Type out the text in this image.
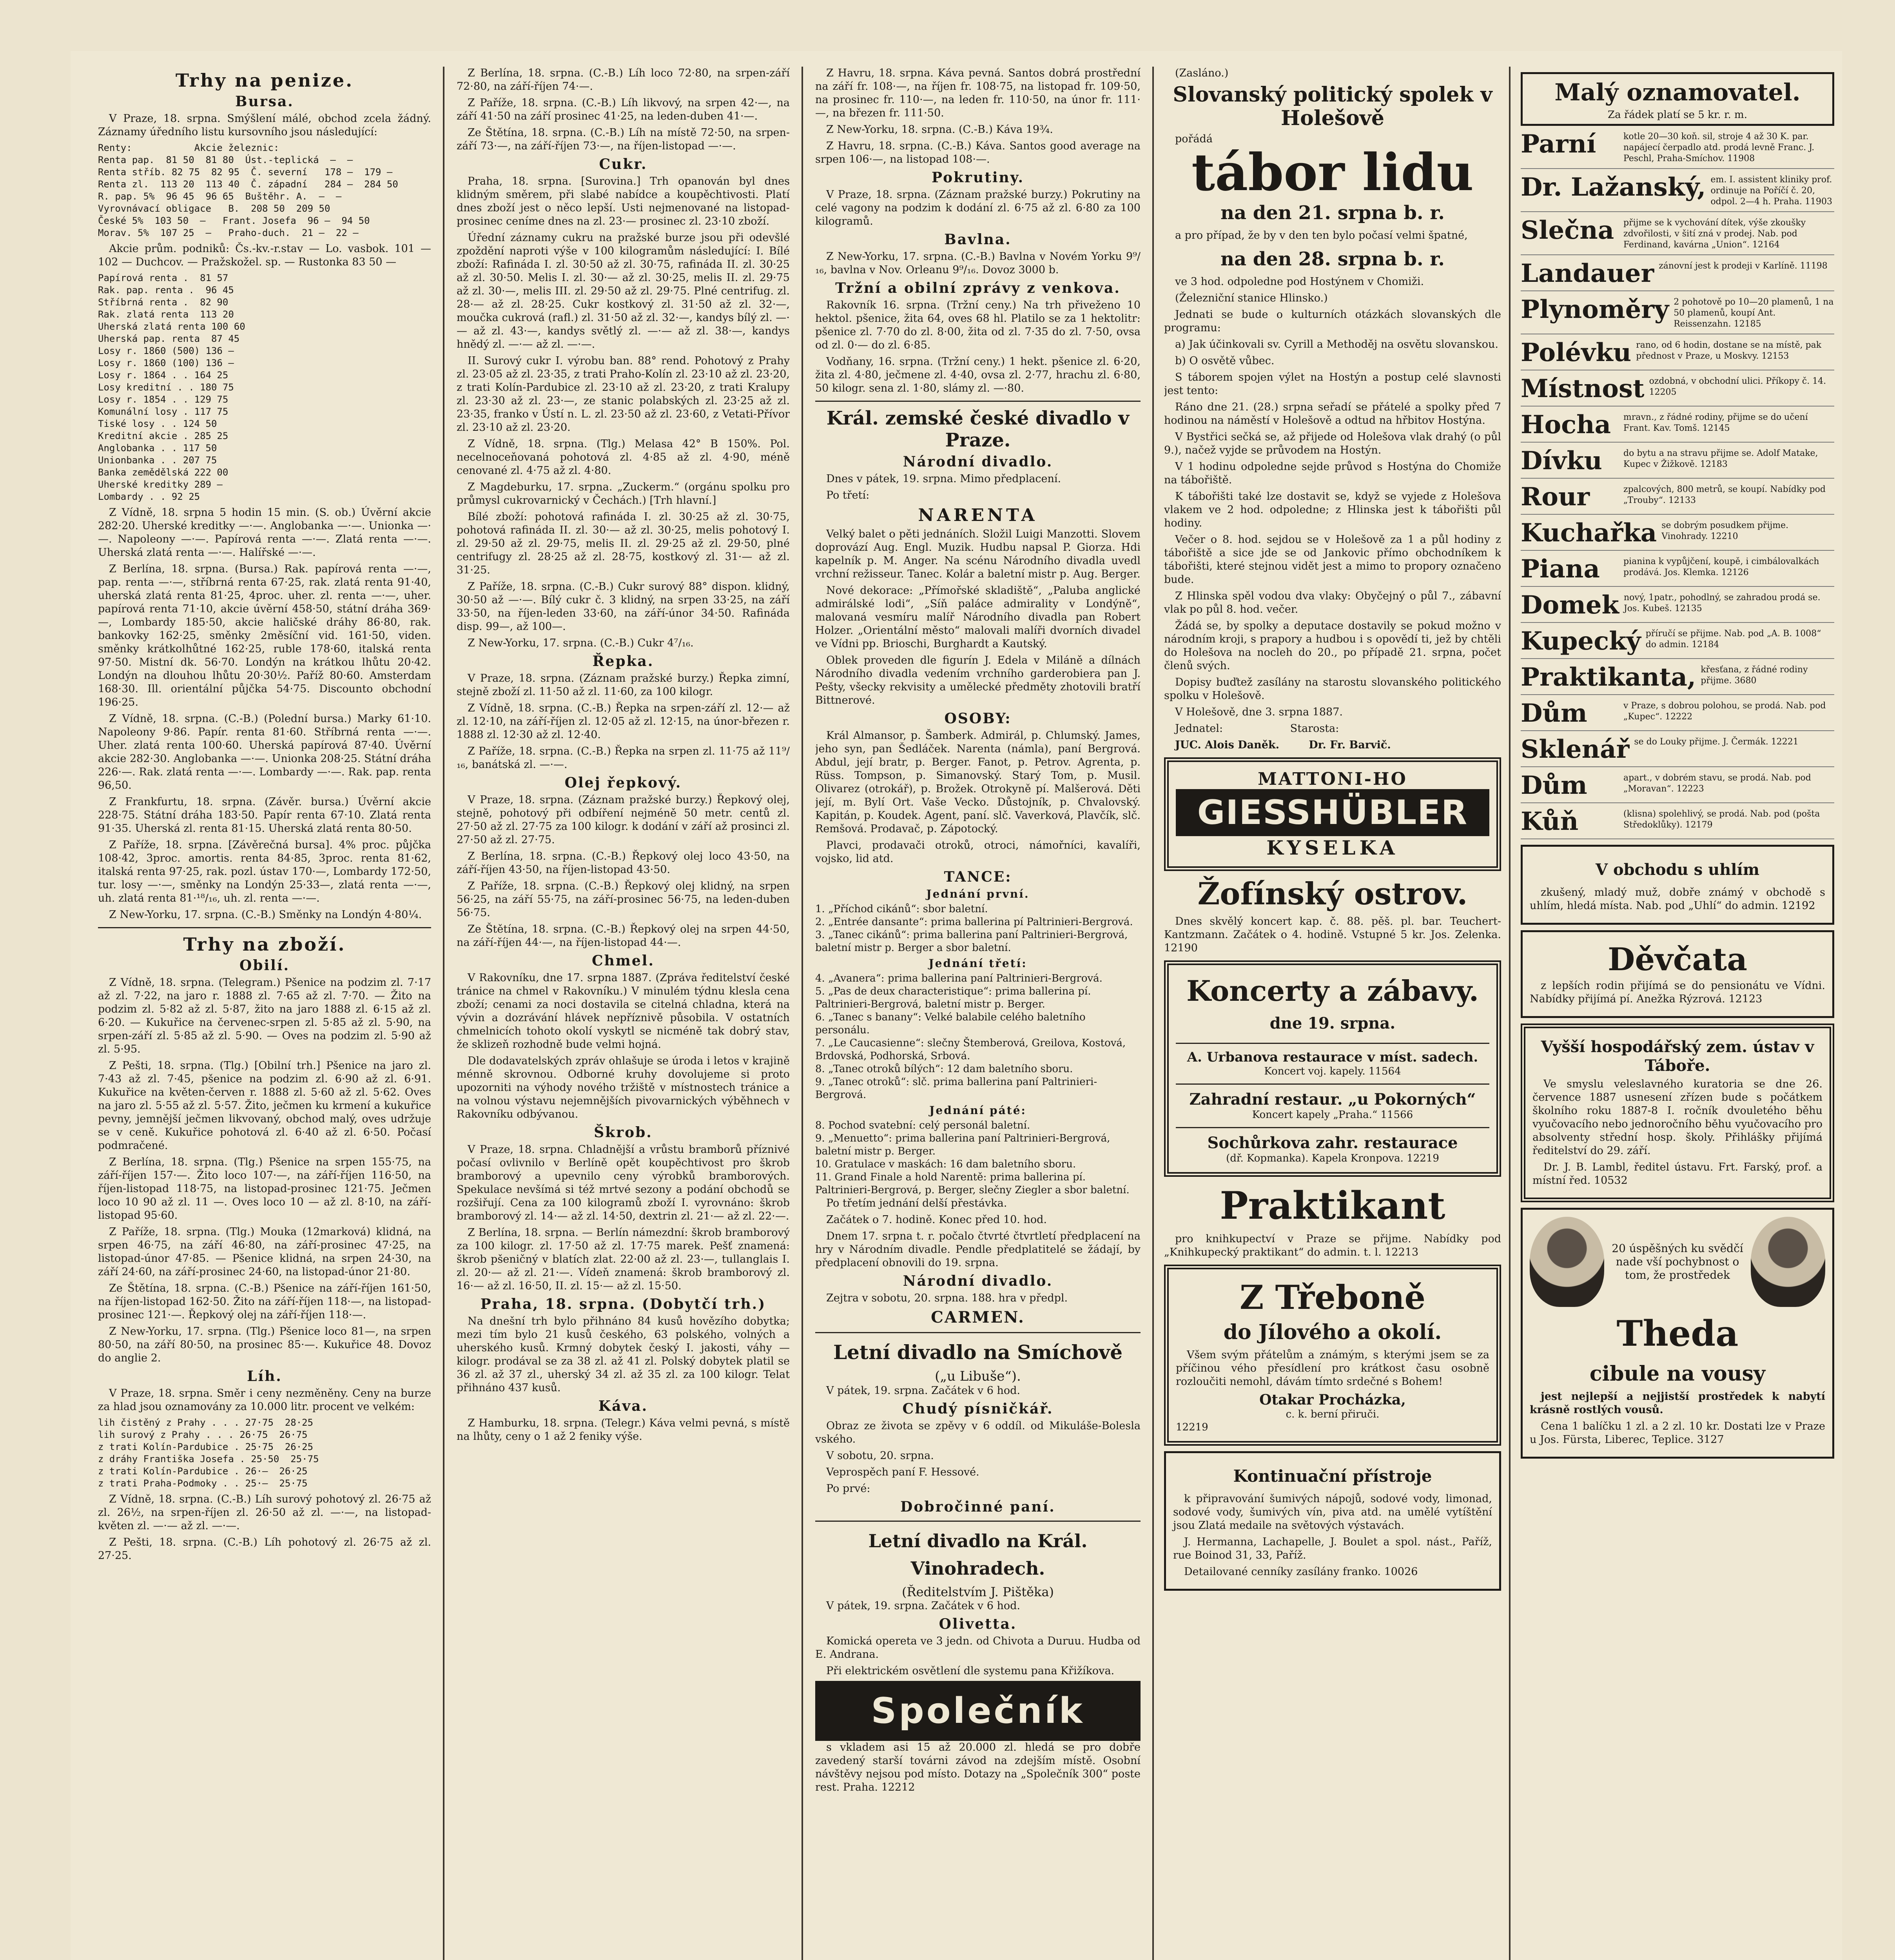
Trhy na penize.
Bursa.

V Praze, 18. srpna. Smýšlení málé, obchod zcela žádný. Záznamy úředního listu kursovního jsou následující:

Renty:           Akcie železnic:
Renta pap.  81 50  81 80  Úst.-teplická  —  —
Renta stříb. 82 75  82 95  Č. severní   178 —  179 —
Renta zl.  113 20  113 40  Č. západní   284 —  284 50
R. pap. 5%  96 45  96 65  Buštěhr. A.  —  —
Vyrovnávací obligace   B.  208 50  209 50
České 5%  103 50  —   Frant. Josefa  96 —  94 50
Morav. 5%  107 25  —   Praho-duch.  21 —  22 —

Akcie prům. podniků: Čs.-kv.-r.stav — Lo. vasbok. 101 — 102 — Duchcov. — Pražskožel. sp. — Rustonka 83 50 —

Papírová renta .  81 57
Rak. pap. renta .  96 45
Stříbrná renta .  82 90
Rak. zlatá renta  113 20
Uherská zlatá renta 100 60
Uherská pap. renta  87 45
Losy r. 1860 (500) 136 —
Losy r. 1860 (100) 136 —
Losy r. 1864 . . 164 25
Losy kreditní . . 180 75
Losy r. 1854 . . 129 75
Komunální losy . 117 75
Tiské losy . . 124 50
Kreditní akcie . 285 25
Anglobanka . . 117 50
Unionbanka . . 207 75
Banka zemědělská 222 00
Uherské kreditky 289 —
Lombardy . . 92 25

Z Vídně, 18. srpna 5 hodin 15 min. (S. ob.) Úvěrní akcie 282·20. Uherské kreditky —·—. Anglobanka —·—. Unionka —·—. Napoleony —·—. Papírová renta —·—. Zlatá renta —·—. Uherská zlatá renta —·—. Halířské —·—.

Z Berlína, 18. srpna. (Bursa.) Rak. papírová renta —·—, pap. renta —·—, stříbrná renta 67·25, rak. zlatá renta 91·40, uherská zlatá renta 81·25, 4proc. uher. zl. renta —·—, uher. papírová renta 71·10, akcie úvěrní 458·50, státní dráha 369·—, Lombardy 185·50, akcie haličské dráhy 86·80, rak. bankovky 162·25, směnky 2měsíční vid. 161·50, viden. směnky krátkolhůtné 162·25, ruble 178·60, italská renta 97·50. Mistní dk. 56·70. Londýn na krátkou lhůtu 20·42. Londýn na dlouhou lhůtu 20·30½. Paříž 80·60. Amsterdam 168·30. Ill. orientální půjčka 54·75. Discounto obchodní 196·25.

Z Vídně, 18. srpna. (C.-B.) (Polední bursa.) Marky 61·10. Napoleony 9·86. Papír. renta 81·60. Stříbrná renta —·—. Uher. zlatá renta 100·60. Uherská papírová 87·40. Úvěrní akcie 282·30. Anglobanka —·—. Unionka 208·25. Státní dráha 226·—. Rak. zlatá renta —·—. Lombardy —·—. Rak. pap. renta 96,50.

Z Frankfurtu, 18. srpna. (Závěr. bursa.) Úvěrní akcie 228·75. Státní dráha 183·50. Papír renta 67·10. Zlatá renta 91·35. Uherská zl. renta 81·15. Uherská zlatá renta 80·50.

Z Paříže, 18. srpna. [Závěrečná bursa]. 4% proc. půjčka 108·42, 3proc. amortis. renta 84·85, 3proc. renta 81·62, italská renta 97·25, rak. pozl. ústav 170·—, Lombardy 172·50, tur. losy —·—, směnky na Londýn 25·33—, zlatá renta —·—, uh. zlatá renta 81·¹⁸/₁₆, uh. zl. renta —·—.

Z New-Yorku, 17. srpna. (C.-B.) Směnky na Londýn 4·80¼.

Trhy na zboží.
Obilí.

Z Vídně, 18. srpna. (Telegram.) Pšenice na podzim zl. 7·17 až zl. 7·22, na jaro r. 1888 zl. 7·65 až zl. 7·70. — Žito na podzim zl. 5·82 až zl. 5·87, žito na jaro 1888 zl. 6·15 až zl. 6·20. — Kukuřice na červenec-srpen zl. 5·85 až zl. 5·90, na srpen-září zl. 5·85 až zl. 5·90. — Oves na podzim zl. 5·90 až zl. 5·95.

Z Pešti, 18. srpna. (Tlg.) [Obilní trh.] Pšenice na jaro zl. 7·43 až zl. 7·45, pšenice na podzim zl. 6·90 až zl. 6·91. Kukuřice na květen-červen r. 1888 zl. 5·60 až zl. 5·62. Oves na jaro zl. 5·55 až zl. 5·57. Žito, ječmen ku krmení a kukuřice pevny, jemnější ječmen likvovaný, obchod malý, oves udržuje se v ceně. Kukuřice pohotová zl. 6·40 až zl. 6·50. Počasí podmračené.

Z Berlína, 18. srpna. (Tlg.) Pšenice na srpen 155·75, na září-říjen 157·—. Žito loco 107·—, na září-říjen 116·50, na říjen-listopad 118·75, na listopad-prosinec 121·75. Ječmen loco 10 90 až zl. 11 —. Oves loco 10 — až zl. 8·10, na září-listopad 95·60.

Z Paříže, 18. srpna. (Tlg.) Mouka (12marková) klidná, na srpen 46·75, na září 46·80, na září-prosinec 47·25, na listopad-únor 47·85. — Pšenice klidná, na srpen 24·30, na září 24·60, na září-prosinec 24·60, na listopad-únor 21·80.

Ze Štětína, 18. srpna. (C.-B.) Pšenice na září-říjen 161·50, na říjen-listopad 162·50. Žito na září-říjen 118·—, na listopad-prosinec 121·—. Řepkový olej na září-říjen 118·—.

Z New-Yorku, 17. srpna. (Tlg.) Pšenice loco 81—, na srpen 80·50, na září 80·50, na prosinec 85·—. Kukuřice 48. Dovoz do anglie 2.

Líh.

V Praze, 18. srpna. Směr i ceny nezměněny. Ceny na burze za hlad jsou oznamovány za 10.000 litr. procent ve velkém:

lih čistěný z Prahy . . . 27·75  28·25
lih surový z Prahy . . . 26·75  26·75
z trati Kolín-Pardubice . 25·75  26·25
z dráhy Františka Josefa . 25·50  25·75
z trati Kolín-Pardubice . 26·—  26·25
z trati Praha-Podmoky . . 25·—  25·75

Z Vídně, 18. srpna. (C.-B.) Líh surový pohotový zl. 26·75 až zl. 26½, na srpen-říjen zl. 26·50 až zl. —·—, na listopad-květen zl. —·— až zl. —·—.

Z Pešti, 18. srpna. (C.-B.) Líh pohotový zl. 26·75 až zl. 27·25.

Z Berlína, 18. srpna. (C.-B.) Líh loco 72·80, na srpen-září 72·80, na září-říjen 74·—.

Z Paříže, 18. srpna. (C.-B.) Líh likvový, na srpen 42·—, na září 41·50 na září prosinec 41·25, na leden-duben 41·—.

Ze Štětína, 18. srpna. (C.-B.) Líh na místě 72·50, na srpen-září 73·—, na září-říjen 73·—, na říjen-listopad —·—.

Cukr.

Praha, 18. srpna. [Surovina.] Trh opanován byl dnes klidným směrem, při slabé nabídce a koupěchtivosti. Platí dnes zboží jest o něco lepší. Usti nejmenované na listopad-prosinec ceníme dnes na zl. 23·— prosinec zl. 23·10 zboží.

Úřední záznamy cukru na pražské burze jsou při odevšlé zpoždění naproti výše v 100 kilogramům následující: I. Bílé zboží: Rafináda I. zl. 30·50 až zl. 30·75, rafináda II. zl. 30·25 až zl. 30·50. Melis I. zl. 30·— až zl. 30·25, melis II. zl. 29·75 až zl. 30·—, melis III. zl. 29·50 až zl. 29·75. Plné centrifug. zl. 28·— až zl. 28·25. Cukr kostkový zl. 31·50 až zl. 32·—, moučka cukrová (rafl.) zl. 31·50 až zl. 32·—, kandys bílý zl. —·— až zl. 43·—, kandys světlý zl. —·— až zl. 38·—, kandys hnědý zl. —·— až zl. —·—.

II. Surový cukr I. výrobu ban. 88° rend. Pohotový z Prahy zl. 23·05 až zl. 23·35, z trati Praho-Kolín zl. 23·10 až zl. 23·20, z trati Kolín-Pardubice zl. 23·10 až zl. 23·20, z trati Kralupy zl. 23·30 až zl. 23·—, ze stanic polabských zl. 23·25 až zl. 23·35, franko v Ústí n. L. zl. 23·50 až zl. 23·60, z Vetati-Přívor zl. 23·10 až zl. 23·20.

Z Vídně, 18. srpna. (Tlg.) Melasa 42° B 150%. Pol. necelnoceňovaná pohotová zl. 4·85 až zl. 4·90, méně cenované zl. 4·75 až zl. 4·80.

Z Magdeburku, 17. srpna. „Zuckerm.“ (orgánu spolku pro průmysl cukrovarnický v Čechách.) [Trh hlavní.]

Bílé zboží: pohotová rafináda I. zl. 30·25 až zl. 30·75, pohotová rafináda II. zl. 30·— až zl. 30·25, melis pohotový I. zl. 29·50 až zl. 29·75, melis II. zl. 29·25 až zl. 29·50, plné centrifugy zl. 28·25 až zl. 28·75, kostkový zl. 31·— až zl. 31·25.

Z Paříže, 18. srpna. (C.-B.) Cukr surový 88° dispon. klidný, 30·50 až —·—. Bílý cukr č. 3 klidný, na srpen 33·25, na září 33·50, na říjen-leden 33·60, na září-únor 34·50. Rafináda disp. 99—, až 100—.

Z New-Yorku, 17. srpna. (C.-B.) Cukr 4⁷/₁₆.

Řepka.

V Praze, 18. srpna. (Záznam pražské burzy.) Řepka zimní, stejně zboží zl. 11·50 až zl. 11·60, za 100 kilogr.

Z Vídně, 18. srpna. (C.-B.) Řepka na srpen-září zl. 12·— až zl. 12·10, na září-říjen zl. 12·05 až zl. 12·15, na únor-březen r. 1888 zl. 12·30 až zl. 12·40.

Z Paříže, 18. srpna. (C.-B.) Řepka na srpen zl. 11·75 až 11⁹/₁₆, banátská zl. —·—.

Olej řepkový.

V Praze, 18. srpna. (Záznam pražské burzy.) Řepkový olej, stejně, pohotový při odbíření nejméně 50 metr. centů zl. 27·50 až zl. 27·75 za 100 kilogr. k dodání v září až prosinci zl. 27·50 až zl. 27·75.

Z Berlína, 18. srpna. (C.-B.) Řepkový olej loco 43·50, na září-říjen 43·50, na říjen-listopad 43·50.

Z Paříže, 18. srpna. (C.-B.) Řepkový olej klidný, na srpen 56·25, na září 55·75, na září-prosinec 56·75, na leden-duben 56·75.

Ze Štětína, 18. srpna. (C.-B.) Řepkový olej na srpen 44·50, na září-říjen 44·—, na říjen-listopad 44·—.

Chmel.

V Rakovníku, dne 17. srpna 1887. (Zpráva ředitelství české tránice na chmel v Rakovníku.) V minulém týdnu klesla cena zboží; cenami za noci dostavila se citelná chladna, která na vývin a dozrávání hlávek nepříznivě působila. V ostatních chmelnicích tohoto okolí vyskytl se nicméně tak dobrý stav, že sklizeň rozhodně bude velmi hojná.

Dle dodavatelských zpráv ohlašuje se úroda i letos v krajině ménně skrovnou. Odborné kruhy dovolujeme si proto upozorniti na výhody nového tržiště v místnostech tránice a na volnou výstavu nejemnějších pivovarnických výběhnech v Rakovníku odbývanou.

Škrob.

V Praze, 18. srpna. Chladnější a vrůstu bramborů příznivé počasí ovlivnilo v Berlíně opět koupěchtivost pro škrob bramborový a upevnilo ceny výrobků bramborových. Spekulace nevšímá si též mrtvé sezony a podání obchodů se rozšiřují. Cena za 100 kilogramů zboží I. vyrovnáno: škrob bramborový zl. 14·— až zl. 14·50, dextrin zl. 21·— až zl. 22·—.

Z Berlína, 18. srpna. — Berlín námezdní: škrob bramborový za 100 kilogr. zl. 17·50 až zl. 17·75 marek. Pešť znamená: škrob pšeničný v blatích zlat. 22·00 až zl. 23·—, tullanglais I. zl. 20·— až zl. 21·—. Vídeň znamená: škrob bramborový zl. 16·— až zl. 16·50, II. zl. 15·— až zl. 15·50.

Praha, 18. srpna. (Dobytčí trh.)

Na dnešní trh bylo přihnáno 84 kusů hovězího dobytka; mezi tím bylo 21 kusů českého, 63 polského, volných a uherského kusů. Krmný dobytek český I. jakosti, váhy — kilogr. prodával se za 38 zl. až 41 zl. Polský dobytek platil se 36 zl. až 37 zl., uherský 34 zl. až 35 zl. za 100 kilogr. Telat přihnáno 437 kusů.

Káva.

Z Hamburku, 18. srpna. (Telegr.) Káva velmi pevná, s místě na lhůty, ceny o 1 až 2 feniky výše.

Z Havru, 18. srpna. Káva pevná. Santos dobrá prostřední na září fr. 108·—, na říjen fr. 108·75, na listopad fr. 109·50, na prosinec fr. 110·—, na leden fr. 110·50, na únor fr. 111·—, na březen fr. 111·50.

Z New-Yorku, 18. srpna. (C.-B.) Káva 19¾.

Z Havru, 18. srpna. (C.-B.) Káva. Santos good average na srpen 106·—, na listopad 108·—.

Pokrutiny.

V Praze, 18. srpna. (Záznam pražské burzy.) Pokrutiny na celé vagony na podzim k dodání zl. 6·75 až zl. 6·80 za 100 kilogramů.

Bavlna.

Z New-Yorku, 17. srpna. (C.-B.) Bavlna v Novém Yorku 9⁹/₁₆, bavlna v Nov. Orleanu 9⁹/₁₆. Dovoz 3000 b.

Tržní a obilní zprávy z venkova.

Rakovník 16. srpna. (Tržní ceny.) Na trh přiveženo 10 hektol. pšenice, žita 64, oves 68 hl. Platilo se za 1 hektolitr: pšenice zl. 7·70 do zl. 8·00, žita od zl. 7·35 do zl. 7·50, ovsa od zl. 0·— do zl. 6·85.

Vodňany, 16. srpna. (Tržní ceny.) 1 hekt. pšenice zl. 6·20, žita zl. 4·80, ječmene zl. 4·40, ovsa zl. 2·77, hrachu zl. 6·80, 50 kilogr. sena zl. 1·80, slámy zl. —·80.

Král. zemské české divadlo v Praze.
Národní divadlo.

Dnes v pátek, 19. srpna. Mimo předplacení.

Po třetí:

NARENTA

Velký balet o pěti jednáních. Složil Luigi Manzotti. Slovem doprovází Aug. Engl. Muzik. Hudbu napsal P. Giorza. Hdi kapelník p. M. Anger. Na scénu Národního divadla uvedl vrchní režisseur. Tanec. Kolár a baletní mistr p. Aug. Berger.

Nové dekorace: „Přímořské skladiště“, „Paluba anglické admirálské lodi“, „Síň paláce admirality v Londýně“, malovaná vesmíru malíř Národního divadla pan Robert Holzer. „Orientální město“ malovali malíři dvorních divadel ve Vídni pp. Brioschi, Burghardt a Kautský.

Oblek proveden dle figurín J. Edela v Miláně a dílnách Národního divadla vedením vrchního garderobiera pan J. Pešty, všecky rekvisity a umělecké předměty zhotovili bratří Bittnerové.

OSOBY:

Král Almansor, p. Šamberk. Admirál, p. Chlumský. James, jeho syn, pan Šedláček. Narenta (námla), paní Bergrová. Abdul, její bratr, p. Berger. Fanot, p. Petrov. Agrenta, p. Rüss. Tompson, p. Simanovský. Starý Tom, p. Musil. Olivarez (otrokář), p. Brožek. Otrokyně pí. Malšerová. Děti její, m. Bylí Ort. Vaše Vecko. Důstojník, p. Chvalovský. Kapitán, p. Koudek. Agent, paní. slč. Vaverková, Plavčík, slč. Remšová. Prodavač, p. Zápotocký.

Plavci, prodavači otroků, otroci, námořníci, kavalíři, vojsko, lid atd.

TANCE:
Jednání první.
1. „Příchod cikánů“: sbor baletní.
2. „Entrée dansante“: prima ballerina pí Paltrinieri-Bergrová.
3. „Tanec cikánů“: prima ballerina paní Paltrinieri-Bergrová, baletní mistr p. Berger a sbor baletní.
Jednání třetí:
4. „Avanera“: prima ballerina paní Paltrinieri-Bergrová.
5. „Pas de deux characteristique“: prima ballerina pí. Paltrinieri-Bergrová, baletní mistr p. Berger.
6. „Tanec s banany“: Velké balabile celého baletního personálu.
7. „Le Caucasienne“: slečny Štemberová, Greilova, Kostová, Brdovská, Podhorská, Srbová.
8. „Tanec otroků bílých“: 12 dam baletního sboru.
9. „Tanec otroků“: slč. prima ballerina paní Paltrinieri-Bergrová.
Jednání páté:
8. Pochod svatební: celý personál baletní.
9. „Menuetto“: prima ballerina paní Paltrinieri-Bergrová, baletní mistr p. Berger.
10. Gratulace v maskách: 16 dam baletního sboru.
11. Grand Finale a hold Narentě: prima ballerina pí. Paltrinieri-Bergrová, p. Berger, slečny Ziegler a sbor baletní.

Po třetím jednání delší přestávka.

Začátek o 7. hodině. Konec před 10. hod.

Dnem 17. srpna t. r. počalo čtvrté čtvrtletí předplacení na hry v Národním divadle. Pendle předplatitelé se žádají, by předplacení obnovili do 19. srpna.

Národní divadlo.

Zejtra v sobotu, 20. srpna. 188. hra v předpl.

CARMEN.
Letní divadlo na Smíchově
(„u Libuše“).

V pátek, 19. srpna. Začátek v 6 hod.

Chudý písničkář.

Obraz ze života se zpěvy v 6 oddíl. od Mikuláše-Bolesla vského.

V sobotu, 20. srpna.

Veprospěch paní F. Hessové.

Po prvé:

Dobročinné paní.
Letní divadlo na Král. Vinohradech.
(Ředitelstvím J. Pištěka)

V pátek, 19. srpna. Začátek v 6 hod.

Olivetta.

Komická opereta ve 3 jedn. od Chivota a Duruu. Hudba od E. Andrana.

Při elektrickém osvětlení dle systemu pana Křižíkova.

Společník

s vkladem asi 15 až 20.000 zl. hledá se pro dobře zavedený starší továrni závod na zdejším místě. Osobní návštěvy nejsou pod místo. Dotazy na „Společník 300“ poste rest. Praha. 12212

(Zasláno.)

Slovanský politický spolek v Holešově

pořádá

tábor lidu
na den 21. srpna b. r.

a pro případ, že by v den ten bylo počasí velmi špatné,

na den 28. srpna b. r.

ve 3 hod. odpoledne pod Hostýnem v Chomiži.

(Železniční stanice Hlinsko.)

Jednati se bude o kulturních otázkách slovanských dle programu:

a) Jak účinkovali sv. Cyrill a Methoděj na osvětu slovanskou.

b) O osvětě vůbec.

S táborem spojen výlet na Hostýn a postup celé slavnosti jest tento:

Ráno dne 21. (28.) srpna seřadí se přátelé a spolky před 7 hodinou na náměstí v Holešově a odtud na hřbitov Hostýna.

V Bystřici sečká se, až přijede od Holešova vlak drahý (o půl 9.), načež vyjde se průvodem na Hostýn.

V 1 hodinu odpoledne sejde průvod s Hostýna do Chomiže na tábořiště.

K tábořišti také lze dostavit se, když se vyjede z Holešova vlakem ve 2 hod. odpoledne; z Hlinska jest k tábořišti půl hodiny.

Večer o 8. hod. sejdou se v Holešově za 1 a půl hodiny z tábořiště a sice jde se od Jankovic přímo obchodníkem k tábořišti, které stejnou vidět jest a mimo to propory označeno bude.

Z Hlinska spěl vodou dva vlaky: Obyčejný o půl 7., zábavní vlak po půl 8. hod. večer.

Žádá se, by spolky a deputace dostavily se pokud možno v národním kroji, s prapory a hudbou i s opovědí ti, jež by chtěli do Holešova na nocleh do 20., po případě 21. srpna, počet členů svých.

Dopisy buďtež zasílány na starostu slovanského politického spolku v Holešově.

V Holešově, dne 3. srpna 1887.

Jednatel:                    Starosta:

JUC. Alois Daněk.        Dr. Fr. Barvič.

MATTONI-HO
GIESSHÜBLER
KYSELKA
Žofínský ostrov.

Dnes skvělý koncert kap. č. 88. pěš. pl. bar. Teuchert-Kantzmann. Začátek o 4. hodině. Vstupné 5 kr. Jos. Zelenka. 12190

Koncerty a zábavy.
dne 19. srpna.
A. Urbanova restaurace v míst. sadech.
Koncert voj. kapely. 11564
Zahradní restaur. „u Pokorných“
Koncert kapely „Praha.“ 11566
Sochůrkova zahr. restaurace
(dř. Kopmanka). Kapela Kronpova. 12219
Praktikant

pro knihkupectví v Praze se přijme. Nabídky pod „Knihkupecký praktikant“ do admin. t. l. 12213

Z Třeboně
do Jílového a okolí.

Všem svým přátelům a známým, s kterými jsem se za příčinou vého přesídlení pro krátkost času osobně rozloučiti nemohl, dávám tímto srdečné s Bohem!

Otakar Procházka,
c. k. berní přiruči.
12219
Kontinuační přístroje

k připravování šumivých nápojů, sodové vody, limonad, sodové vody, šumivých vín, piva atd. na umělé vytíštění jsou Zlatá medaile na světových výstavách.

J. Hermanna, Lachapelle, J. Boulet a spol. nást., Paříž, rue Boinod 31, 33, Paříž.

Detailované cenníky zasílány franko. 10026

Malý oznamovatel.
Za řádek platí se 5 kr. r. m.
Parní	kotle 20—30 koň. sil, stroje 4 až 30 K. par. napájecí čerpadlo atd. prodá levně Franc. J. Peschl, Praha-Smíchov. 11908
Dr. Lažanský, em. I. assistent kliniky prof. ordinuje na Poříčí č. 20, odpol. 2—4 h. Praha. 11903
Slečna	přijme se k vychování dítek, výše zkoušky zdvořilosti, v šití zná v prodej. Nab. pod Ferdinand, kavárna „Union“. 12164
Landauer zánovní jest k prodeji v Karlíně. 11198
Plynoměry 2 pohotově po 10—20 plamenů, 1 na 50 plamenů, koupí Ant. Reissenzahn. 12185
Polévku rano, od 6 hodin, dostane se na místě, pak přednost v Praze, u Moskvy. 12153
Místnost ozdobná, v obchodní ulici. Příkopy č. 14. 12205
Hocha	mravn., z řádné rodiny, přijme se do učení Frant. Kav. Tomš. 12145
Dívku	do bytu a na stravu přijme se. Adolf Matake, Kupec v Žižkově. 12183
Rour	zpalcových, 800 metrů, se koupí. Nabídky pod „Trouby“. 12133
Kuchařka se dobrým posudkem přijme. Vinohrady. 12210
Piana	pianina k vypůjčení, koupě, i cimbálovalkách prodává. Jos. Klemka. 12126
Domek nový, 1patr., pohodlný, se zahradou prodá se. Jos. Kubeš. 12135
Kupecký příručí se přijme. Nab. pod „A. B. 1008“ do admin. 12184
Praktikanta, křesťana, z řádné rodiny přijme. 3680
Dům	v Praze, s dobrou polohou, se prodá. Nab. pod „Kupec“. 12222
Sklenář se do Louky přijme. J. Čermák. 12221
Dům	apart., v dobrém stavu, se prodá. Nab. pod „Moravan“. 12223
Kůň	(klisna) spolehlivý, se prodá. Nab. pod (pošta Středoklůky). 12179
V obchodu s uhlím

zkušený, mladý muž, dobře známý v obchodě s uhlím, hledá místa. Nab. pod „Uhlí“ do admin. 12192

Děvčata

z lepších rodin přijímá se do pensionátu ve Vídni. Nabídky přijímá pí. Anežka Rýzrová. 12123

Vyšší hospodářský zem. ústav v Táboře.

Ve smyslu veleslavného kuratoria se dne 26. července 1887 usnesení zřízen bude s počátkem školního roku 1887-8 I. ročník dvouletého běhu vyučovacího nebo jednoročního běhu vyučovacího pro absolventy střední hosp. školy. Přihlášky přijímá ředitelství do 29. září.

Dr. J. B. Lambl, ředitel ústavu. Frt. Farský, prof. a místní řed. 10532

20 úspěšných ku svědčí nade vší pochybnost o tom, že prostředek
Theda
cibule na vousy

jest nejlepší a nejjistší prostředek k nabytí krásně rostlých vousů.

Cena 1 balíčku 1 zl. a 2 zl. 10 kr. Dostati lze v Praze u Jos. Fürsta, Liberec, Teplice. 3127
